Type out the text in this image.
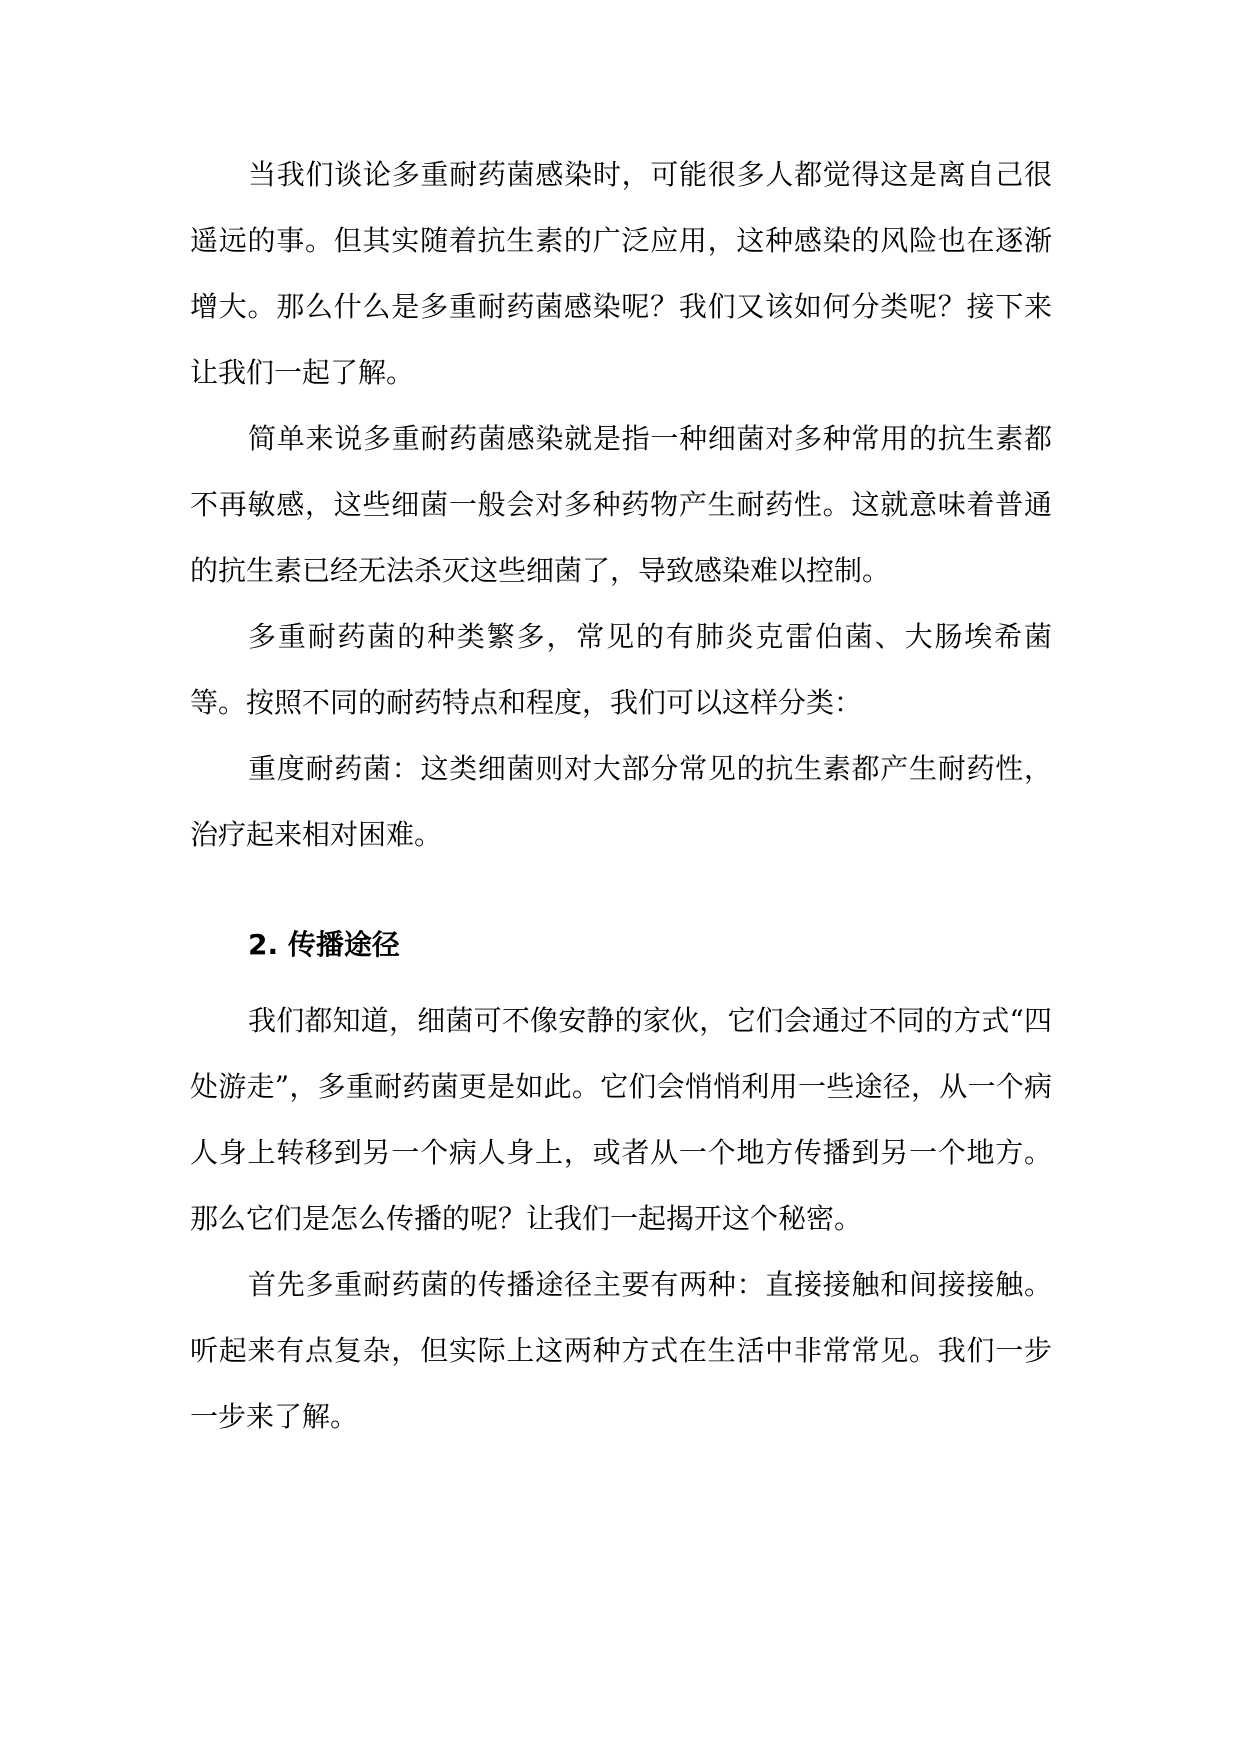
当我们谈论多重耐药菌感染时，可能很多人都觉得这是离自己很遥远的事。但其实随着抗生素的广泛应用，这种感染的风险也在逐渐增大。那么什么是多重耐药菌感染呢？我们又该如何分类呢？接下来让我们一起了解。

简单来说多重耐药菌感染就是指一种细菌对多种常用的抗生素都不再敏感，这些细菌一般会对多种药物产生耐药性。这就意味着普通的抗生素已经无法杀灭这些细菌了，导致感染难以控制。

多重耐药菌的种类繁多，常见的有肺炎克雷伯菌、大肠埃希菌等。按照不同的耐药特点和程度，我们可以这样分类：

重度耐药菌：这类细菌则对大部分常见的抗生素都产生耐药性，治疗起来相对困难。

2. 传播途径

我们都知道，细菌可不像安静的家伙，它们会通过不同的方式“四处游走”，多重耐药菌更是如此。它们会悄悄利用一些途径，从一个病人身上转移到另一个病人身上，或者从一个地方传播到另一个地方。那么它们是怎么传播的呢？让我们一起揭开这个秘密。

首先多重耐药菌的传播途径主要有两种：直接接触和间接接触。听起来有点复杂，但实际上这两种方式在生活中非常常见。我们一步一步来了解。
